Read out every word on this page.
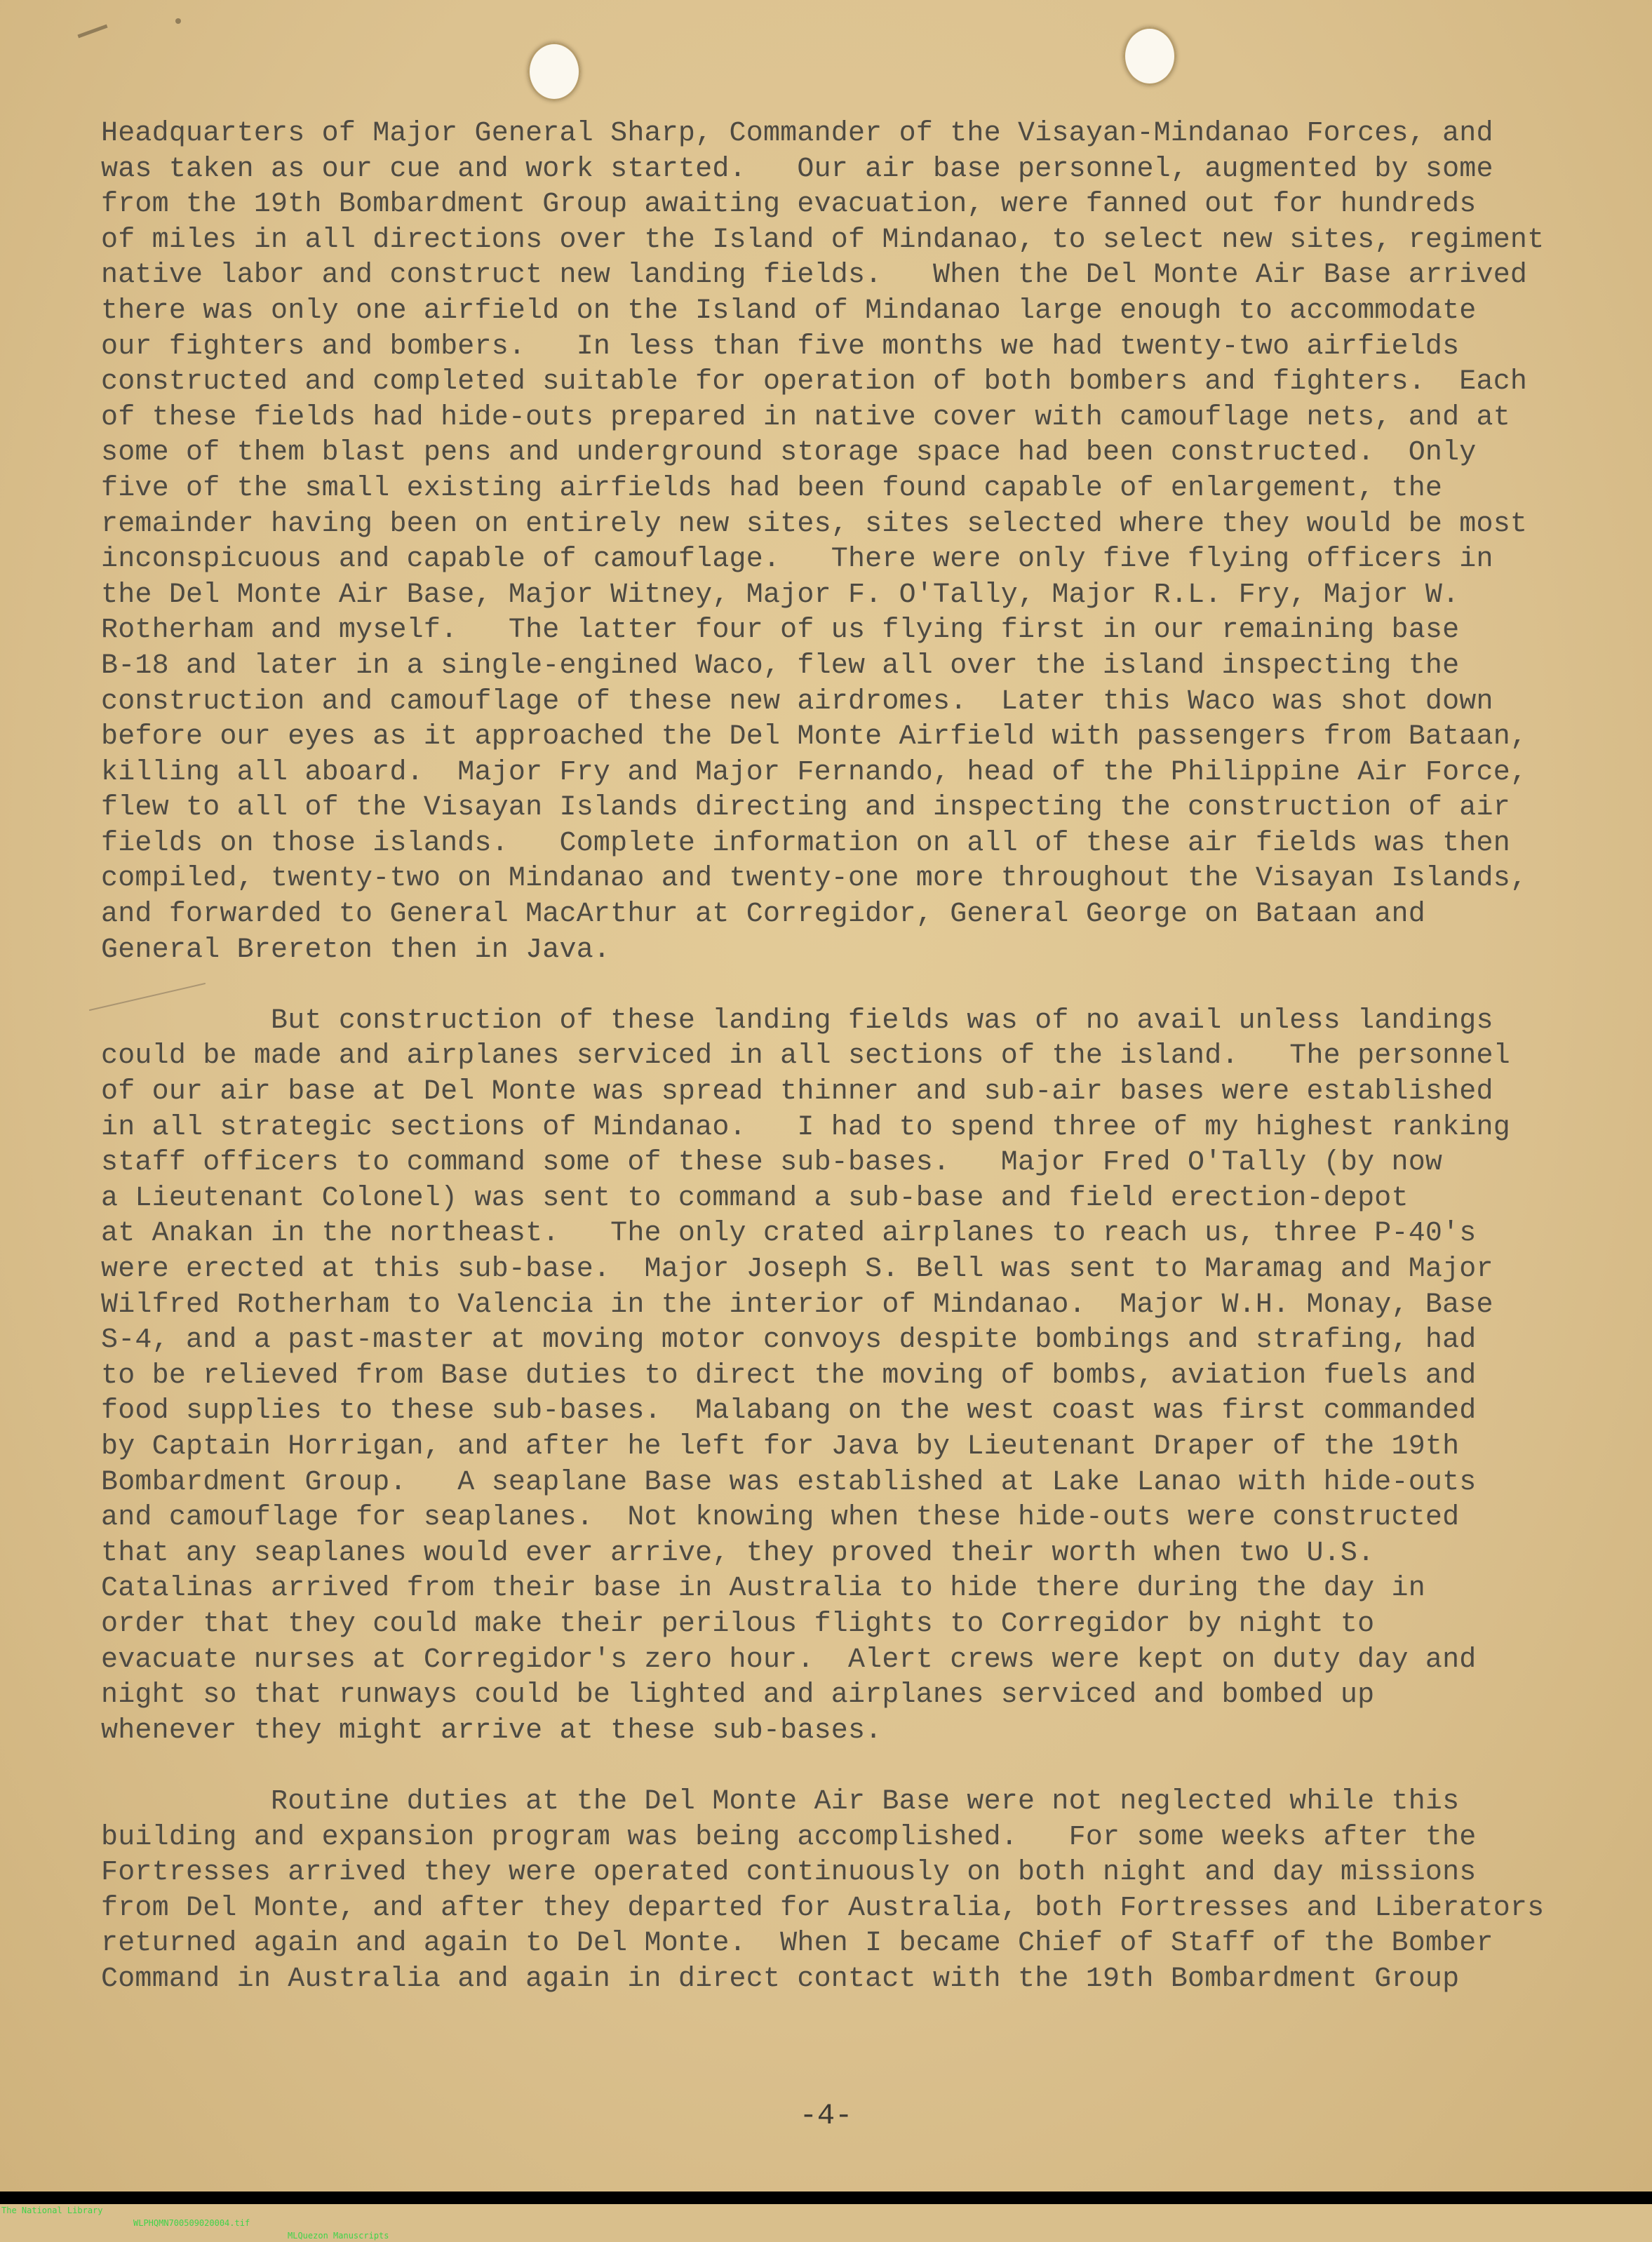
Headquarters of Major General Sharp, Commander of the Visayan-Mindanao Forces, and
was taken as our cue and work started.   Our air base personnel, augmented by some
from the 19th Bombardment Group awaiting evacuation, were fanned out for hundreds
of miles in all directions over the Island of Mindanao, to select new sites, regiment
native labor and construct new landing fields.   When the Del Monte Air Base arrived
there was only one airfield on the Island of Mindanao large enough to accommodate
our fighters and bombers.   In less than five months we had twenty-two airfields
constructed and completed suitable for operation of both bombers and fighters.  Each
of these fields had hide-outs prepared in native cover with camouflage nets, and at
some of them blast pens and underground storage space had been constructed.  Only
five of the small existing airfields had been found capable of enlargement, the
remainder having been on entirely new sites, sites selected where they would be most
inconspicuous and capable of camouflage.   There were only five flying officers in
the Del Monte Air Base, Major Witney, Major F. O'Tally, Major R.L. Fry, Major W.
Rotherham and myself.   The latter four of us flying first in our remaining base
B-18 and later in a single-engined Waco, flew all over the island inspecting the
construction and camouflage of these new airdromes.  Later this Waco was shot down
before our eyes as it approached the Del Monte Airfield with passengers from Bataan,
killing all aboard.  Major Fry and Major Fernando, head of the Philippine Air Force,
flew to all of the Visayan Islands directing and inspecting the construction of air
fields on those islands.   Complete information on all of these air fields was then
compiled, twenty-two on Mindanao and twenty-one more throughout the Visayan Islands,
and forwarded to General MacArthur at Corregidor, General George on Bataan and
General Brereton then in Java.
But construction of these landing fields was of no avail unless landings
could be made and airplanes serviced in all sections of the island.   The personnel
of our air base at Del Monte was spread thinner and sub-air bases were established
in all strategic sections of Mindanao.   I had to spend three of my highest ranking
staff officers to command some of these sub-bases.   Major Fred O'Tally (by now
a Lieutenant Colonel) was sent to command a sub-base and field erection-depot
at Anakan in the northeast.   The only crated airplanes to reach us, three P-40's
were erected at this sub-base.  Major Joseph S. Bell was sent to Maramag and Major
Wilfred Rotherham to Valencia in the interior of Mindanao.  Major W.H. Monay, Base
S-4, and a past-master at moving motor convoys despite bombings and strafing, had
to be relieved from Base duties to direct the moving of bombs, aviation fuels and
food supplies to these sub-bases.  Malabang on the west coast was first commanded
by Captain Horrigan, and after he left for Java by Lieutenant Draper of the 19th
Bombardment Group.   A seaplane Base was established at Lake Lanao with hide-outs
and camouflage for seaplanes.  Not knowing when these hide-outs were constructed
that any seaplanes would ever arrive, they proved their worth when two U.S.
Catalinas arrived from their base in Australia to hide there during the day in
order that they could make their perilous flights to Corregidor by night to
evacuate nurses at Corregidor's zero hour.  Alert crews were kept on duty day and
night so that runways could be lighted and airplanes serviced and bombed up
whenever they might arrive at these sub-bases.
Routine duties at the Del Monte Air Base were not neglected while this
building and expansion program was being accomplished.   For some weeks after the
Fortresses arrived they were operated continuously on both night and day missions
from Del Monte, and after they departed for Australia, both Fortresses and Liberators
returned again and again to Del Monte.  When I became Chief of Staff of the Bomber
Command in Australia and again in direct contact with the 19th Bombardment Group
-4-

The National Library

WLPHQMN700509020004.tif

MLQuezon Manuscripts
